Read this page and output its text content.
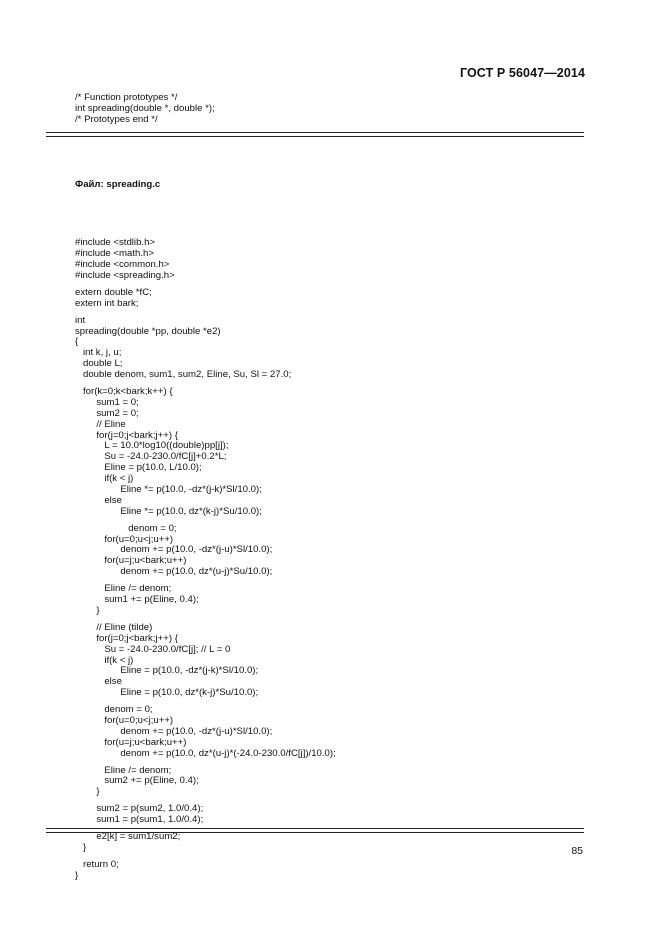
ГОСТ Р 56047—2014
/* Function prototypes */
int spreading(double *, double *);
/* Prototypes end */

Файл: spreading.c

#include <stdlib.h>
#include <math.h>
#include <common.h>
#include <spreading.h>
extern double *fC;
extern int bark;
int
spreading(double *pp, double *e2)
{
int k, j, u;
double L;
double denom, sum1, sum2, Eline, Su, Sl = 27.0;
for(k=0;k<bark;k++) {
sum1 = 0;
sum2 = 0;
// Eline
for(j=0;j<bark;j++) {
L = 10.0*log10((double)pp[j]);
Su = -24.0-230.0/fC[j]+0.2*L;
Eline = p(10.0, L/10.0);
if(k < j)
Eline *= p(10.0, -dz*(j-k)*Sl/10.0);
else
Eline *= p(10.0, dz*(k-j)*Su/10.0);
denom = 0;
for(u=0;u<j;u++)
denom += p(10.0, -dz*(j-u)*Sl/10.0);
for(u=j;u<bark;u++)
denom += p(10.0, dz*(u-j)*Su/10.0);
Eline /= denom;
sum1 += p(Eline, 0.4);
}
// Eline (tilde)
for(j=0;j<bark;j++) {
Su = -24.0-230.0/fC[j]; // L = 0
if(k < j)
Eline = p(10.0, -dz*(j-k)*Sl/10.0);
else
Eline = p(10.0, dz*(k-j)*Su/10.0);
denom = 0;
for(u=0;u<j;u++)
denom += p(10.0, -dz*(j-u)*Sl/10.0);
for(u=j;u<bark;u++)
denom += p(10.0, dz*(u-j)*(-24.0-230.0/fC[j])/10.0);
Eline /= denom;
sum2 += p(Eline, 0.4);
}
sum2 = p(sum2, 1.0/0.4);
sum1 = p(sum1, 1.0/0.4);
e2[k] = sum1/sum2;
}
return 0;
}

85
